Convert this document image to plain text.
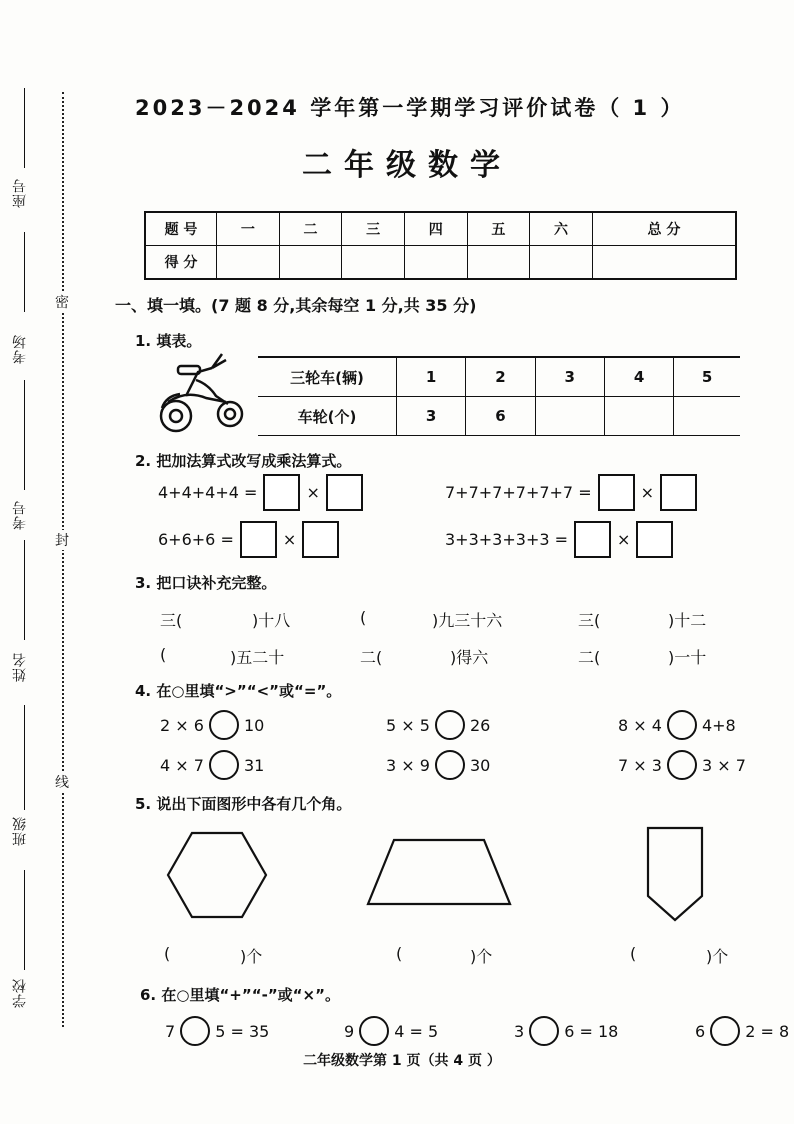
密
封
线
座号
考场
考号
姓名
班级
学校
2023－2024 学年第一学期学习评价试卷（ 1 ）
二年级数学
题 号	一	二	三	四	五	六	总 分
得 分							
一、填一填。(7 题 8 分,其余每空 1 分,共 35 分)
1. 填表。
三轮车(辆)	1	2	3	4	5
车轮(个)	3	6			
2. 把加法算式改写成乘法算式。
4+4+4+4 =	×	7+7+7+7+7+7 =	×
6+6+6 =	×	3+3+3+3+3 =	×
3. 把口诀补充完整。
三(	)十八	(	)九三十六	三(	)十二
(	)五二十	二(	)得六	二(	)一十
4. 在○里填“>”“<”或“=”。
2 × 6	10	5 × 5	26	8 × 4	4+8
4 × 7	31	3 × 9	30	7 × 3	3 × 7
5. 说出下面图形中各有几个角。
(	)个	(	)个	(	)个
6. 在○里填“+”“-”或“×”。
7	5 = 35	9	4 = 5	3	6 = 18	6	2 = 8
二年级数学第 1 页（共 4 页 ）
